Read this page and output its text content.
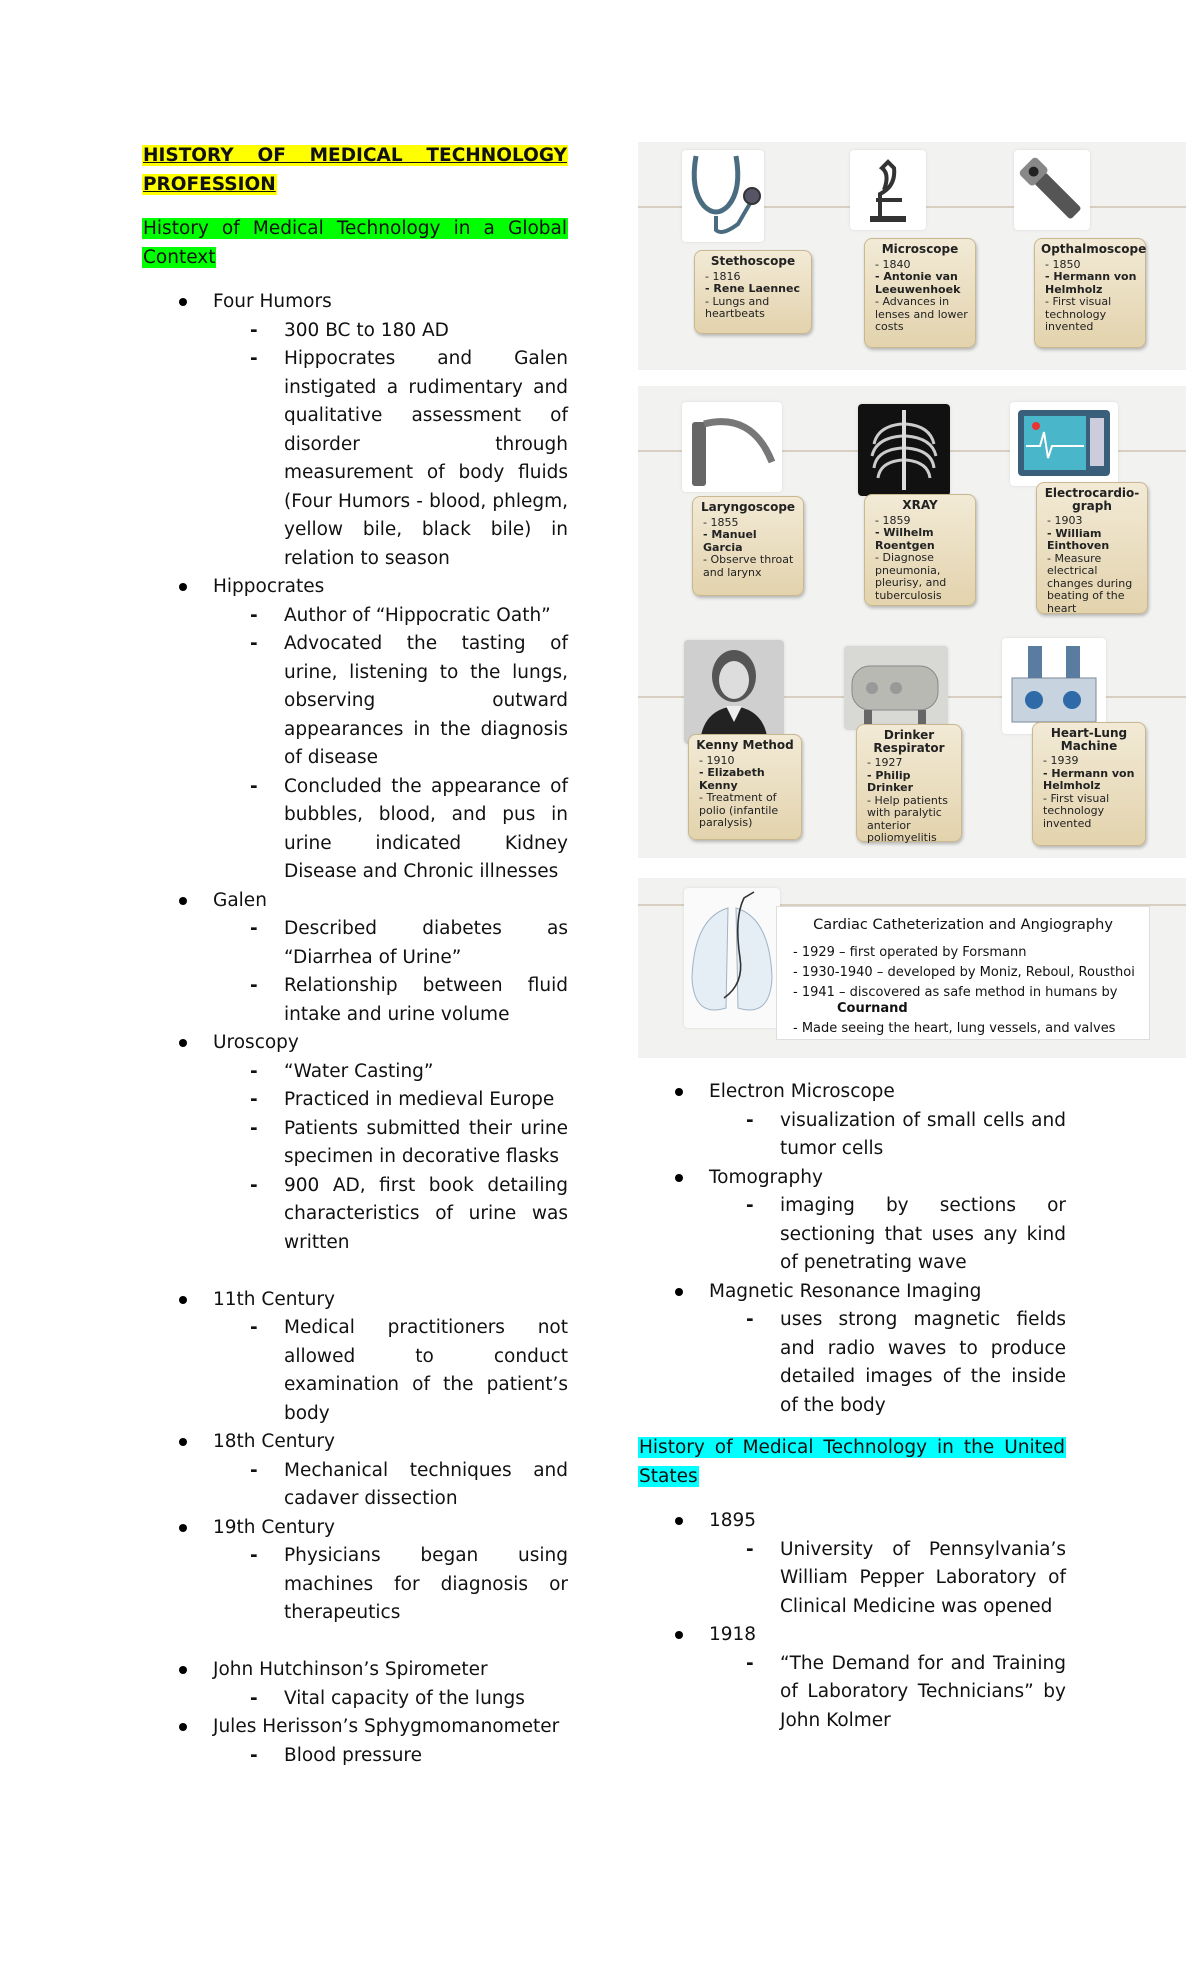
HISTORY OF MEDICAL TECHNOLOGY
PROFESSION

History of Medical Technology in a Global

Context

Four Humors
- 300 BC to 180 AD
- Hippocrates and Galen instigated a rudimentary and qualitative assessment of disorder through measurement of body fluids (Four Humors - blood, phlegm, yellow bile, black bile) in relation to season
Hippocrates
- Author of “Hippocratic Oath”
- Advocated the tasting of urine, listening to the lungs, observing outward appearances in the diagnosis of disease
- Concluded the appearance of bubbles, blood, and pus in urine indicated Kidney Disease and Chronic illnesses
Galen
- Described diabetes as “Diarrhea of Urine”
- Relationship between fluid intake and urine volume
Uroscopy
- “Water Casting”
- Practiced in medieval Europe
- Patients submitted their urine specimen in decorative flasks
- 900 AD, first book detailing characteristics of urine was written
11th Century
- Medical practitioners not allowed to conduct examination of the patient’s body
18th Century
- Mechanical techniques and cadaver dissection
19th Century
- Physicians began using machines for diagnosis or therapeutics
John Hutchinson’s Spirometer
- Vital capacity of the lungs
Jules Herisson’s Sphygmomanometer
- Blood pressure
Stethoscope
- 1816
- Rene Laennec
- Lungs and heartbeats
Microscope
- 1840
- Antonie van Leeuwenhoek
- Advances in lenses and lower costs
Opthalmoscope
- 1850
- Hermann von Helmholz
- First visual technology invented
Laryngoscope
- 1855
- Manuel Garcia
- Observe throat and larynx
XRAY
- 1859
- Wilhelm Roentgen
- Diagnose pneumonia, pleurisy, and tuberculosis
Electrocardio-graph
- 1903
- William Einthoven
- Measure electrical changes during beating of the heart
Kenny Method
- 1910
- Elizabeth Kenny
- Treatment of polio (infantile paralysis)
Drinker Respirator
- 1927
- Philip Drinker
- Help patients with paralytic anterior poliomyelitis
Heart-Lung Machine
- 1939
- Hermann von Helmholz
- First visual technology invented
Cardiac Catheterization and Angiography
- 1929 – first operated by Forsmann
- 1930-1940 – developed by Moniz, Reboul, Rousthoi
- 1941 – discovered as safe method in humans by
Cournand
- Made seeing the heart, lung vessels, and valves
Electron Microscope
- visualization of small cells and tumor cells
Tomography
- imaging by sections or sectioning that uses any kind of penetrating wave
Magnetic Resonance Imaging
- uses strong magnetic fields and radio waves to produce detailed images of the inside of the body

History of Medical Technology in the United

States

1895
- University of Pennsylvania’s William Pepper Laboratory of Clinical Medicine was opened
1918
- “The Demand for and Training of Laboratory Technicians” by John Kolmer
